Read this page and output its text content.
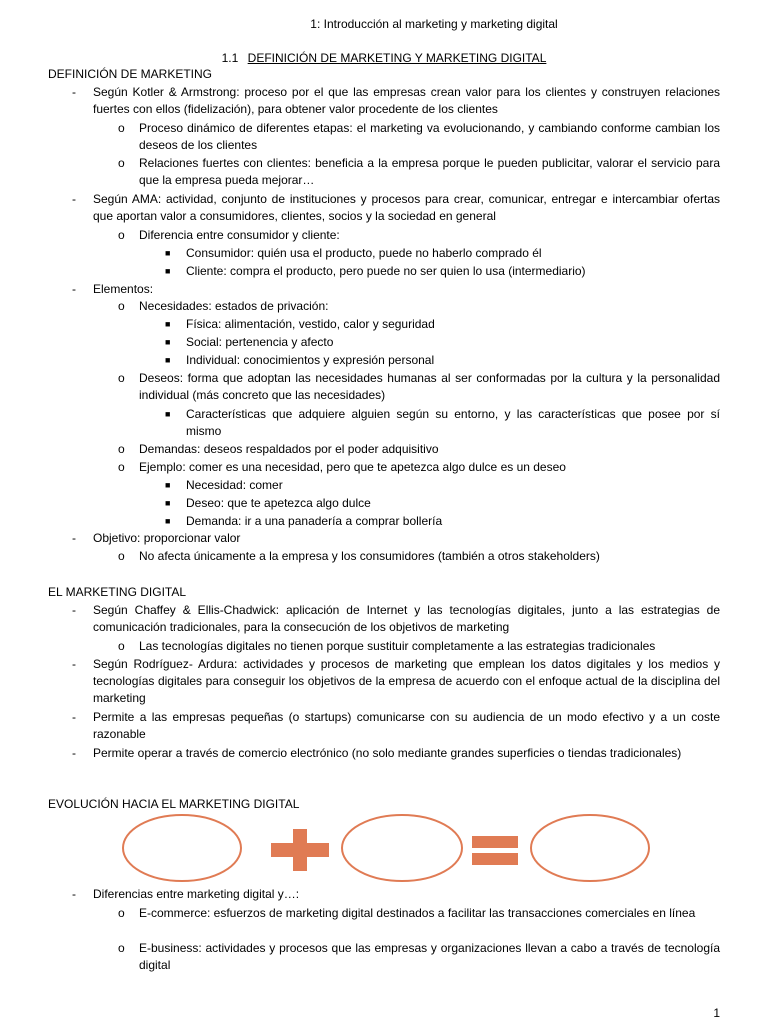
1: Introducción al marketing y marketing digital
1.1 DEFINICIÓN DE MARKETING Y MARKETING DIGITAL
DEFINICIÓN DE MARKETING
- Según Kotler & Armstrong: proceso por el que las empresas crean valor para los clientes y construyen relaciones fuertes con ellos (fidelización), para obtener valor procedente de los clientes
o Proceso dinámico de diferentes etapas: el marketing va evolucionando, y cambiando conforme cambian los deseos de los clientes
o Relaciones fuertes con clientes: beneficia a la empresa porque le pueden publicitar, valorar el servicio para que la empresa pueda mejorar…
- Según AMA: actividad, conjunto de instituciones y procesos para crear, comunicar, entregar e intercambiar ofertas que aportan valor a consumidores, clientes, socios y la sociedad en general
o Diferencia entre consumidor y cliente:
■ Consumidor: quién usa el producto, puede no haberlo comprado él
■ Cliente: compra el producto, pero puede no ser quien lo usa (intermediario)
- Elementos:
o Necesidades: estados de privación:
■ Física: alimentación, vestido, calor y seguridad
■ Social: pertenencia y afecto
■ Individual: conocimientos y expresión personal
o Deseos: forma que adoptan las necesidades humanas al ser conformadas por la cultura y la personalidad individual (más concreto que las necesidades)
■ Características que adquiere alguien según su entorno, y las características que posee por sí mismo
o Demandas: deseos respaldados por el poder adquisitivo
o Ejemplo: comer es una necesidad, pero que te apetezca algo dulce es un deseo
■ Necesidad: comer
■ Deseo: que te apetezca algo dulce
■ Demanda: ir a una panadería a comprar bollería
- Objetivo: proporcionar valor
o No afecta únicamente a la empresa y los consumidores (también a otros stakeholders)
EL MARKETING DIGITAL
- Según Chaffey & Ellis-Chadwick: aplicación de Internet y las tecnologías digitales, junto a las estrategias de comunicación tradicionales, para la consecución de los objetivos de marketing
o Las tecnologías digitales no tienen porque sustituir completamente a las estrategias tradicionales
- Según Rodríguez- Ardura: actividades y procesos de marketing que emplean los datos digitales y los medios y tecnologías digitales para conseguir los objetivos de la empresa de acuerdo con el enfoque actual de la disciplina del marketing
- Permite a las empresas pequeñas (o startups) comunicarse con su audiencia de un modo efectivo y a un coste razonable
- Permite operar a través de comercio electrónico (no solo mediante grandes superficies o tiendas tradicionales)
EVOLUCIÓN HACIA EL MARKETING DIGITAL
- Diferencias entre marketing digital y…:
o E-commerce: esfuerzos de marketing digital destinados a facilitar las transacciones comerciales en línea
o E-business: actividades y procesos que las empresas y organizaciones llevan a cabo a través de tecnología digital
1
